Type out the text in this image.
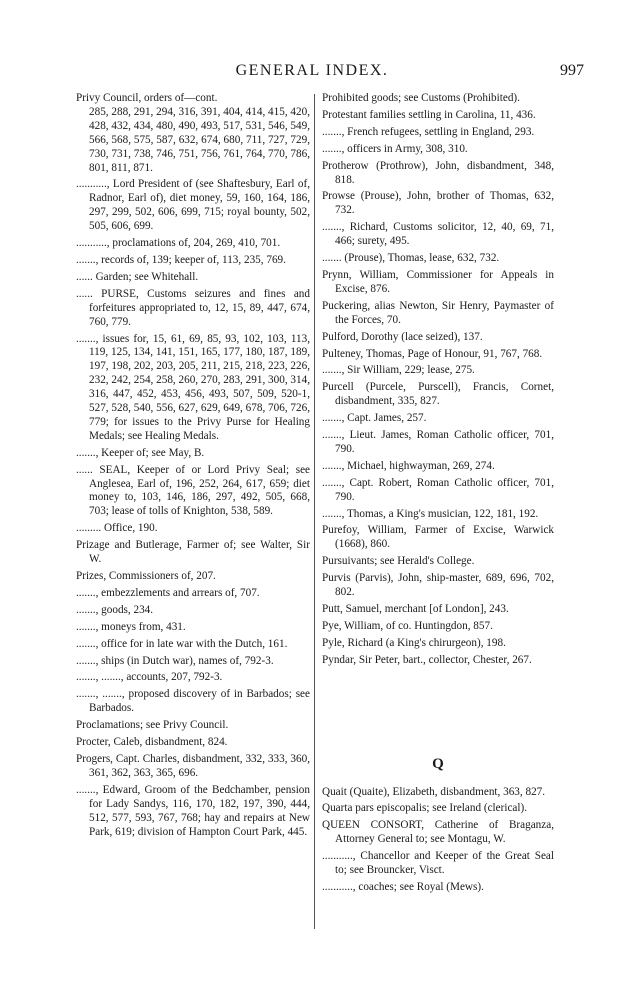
GENERAL INDEX.	997
Privy Council, orders of—cont.
285, 288, 291, 294, 316, 391, 404, 414, 415, 420, 428, 432, 434, 480, 490, 493, 517, 531, 546, 549, 566, 568, 575, 587, 632, 674, 680, 711, 727, 729, 730, 731, 738, 746, 751, 756, 761, 764, 770, 786, 801, 811, 871.
..........., Lord President of (see Shaftesbury, Earl of, Radnor, Earl of), diet money, 59, 160, 164, 186, 297, 299, 502, 606, 699, 715; royal bounty, 502, 505, 606, 699.
..........., proclamations of, 204, 269, 410, 701.
......., records of, 139; keeper of, 113, 235, 769.
...... Garden; see Whitehall.
...... PURSE, Customs seizures and fines and forfeitures appropriated to, 12, 15, 89, 447, 674, 760, 779.
......., issues for, 15, 61, 69, 85, 93, 102, 103, 113, 119, 125, 134, 141, 151, 165, 177, 180, 187, 189, 197, 198, 202, 203, 205, 211, 215, 218, 223, 226, 232, 242, 254, 258, 260, 270, 283, 291, 300, 314, 316, 447, 452, 453, 456, 493, 507, 509, 520-1, 527, 528, 540, 556, 627, 629, 649, 678, 706, 726, 779; for issues to the Privy Purse for Healing Medals; see Healing Medals.
......., Keeper of; see May, B.
...... SEAL, Keeper of or Lord Privy Seal; see Anglesea, Earl of, 196, 252, 264, 617, 659; diet money to, 103, 146, 186, 297, 492, 505, 668, 703; lease of tolls of Knighton, 538, 589.
......... Office, 190.
Prizage and Butlerage, Farmer of; see Walter, Sir W.
Prizes, Commissioners of, 207.
......., embezzlements and arrears of, 707.
......., goods, 234.
......., moneys from, 431.
......., office for in late war with the Dutch, 161.
......., ships (in Dutch war), names of, 792-3.
......., ......., accounts, 207, 792-3.
......., ......., proposed discovery of in Barbados; see Barbados.
Proclamations; see Privy Council.
Procter, Caleb, disbandment, 824.
Progers, Capt. Charles, disbandment, 332, 333, 360, 361, 362, 363, 365, 696.
......., Edward, Groom of the Bedchamber, pension for Lady Sandys, 116, 170, 182, 197, 390, 444, 512, 577, 593, 767, 768; hay and repairs at New Park, 619; division of Hampton Court Park, 445.
Prohibited goods; see Customs (Prohibited).
Protestant families settling in Carolina, 11, 436.
......., French refugees, settling in England, 293.
......., officers in Army, 308, 310.
Protherow (Prothrow), John, disbandment, 348, 818.
Prowse (Prouse), John, brother of Thomas, 632, 732.
......., Richard, Customs solicitor, 12, 40, 69, 71, 466; surety, 495.
....... (Prouse), Thomas, lease, 632, 732.
Prynn, William, Commissioner for Appeals in Excise, 876.
Puckering, alias Newton, Sir Henry, Paymaster of the Forces, 70.
Pulford, Dorothy (lace seized), 137.
Pulteney, Thomas, Page of Honour, 91, 767, 768.
......., Sir William, 229; lease, 275.
Purcell (Purcele, Purscell), Francis, Cornet, disbandment, 335, 827.
......., Capt. James, 257.
......., Lieut. James, Roman Catholic officer, 701, 790.
......., Michael, highwayman, 269, 274.
......., Capt. Robert, Roman Catholic officer, 701, 790.
......., Thomas, a King's musician, 122, 181, 192.
Purefoy, William, Farmer of Excise, Warwick (1668), 860.
Pursuivants; see Herald's College.
Purvis (Parvis), John, ship-master, 689, 696, 702, 802.
Putt, Samuel, merchant [of London], 243.
Pye, William, of co. Huntingdon, 857.
Pyle, Richard (a King's chirurgeon), 198.
Pyndar, Sir Peter, bart., collector, Chester, 267.
Q
Quait (Quaite), Elizabeth, disbandment, 363, 827.
Quarta pars episcopalis; see Ireland (clerical).
QUEEN CONSORT, Catherine of Braganza, Attorney General to; see Montagu, W.
..........., Chancellor and Keeper of the Great Seal to; see Brouncker, Visct.
..........., coaches; see Royal (Mews).
